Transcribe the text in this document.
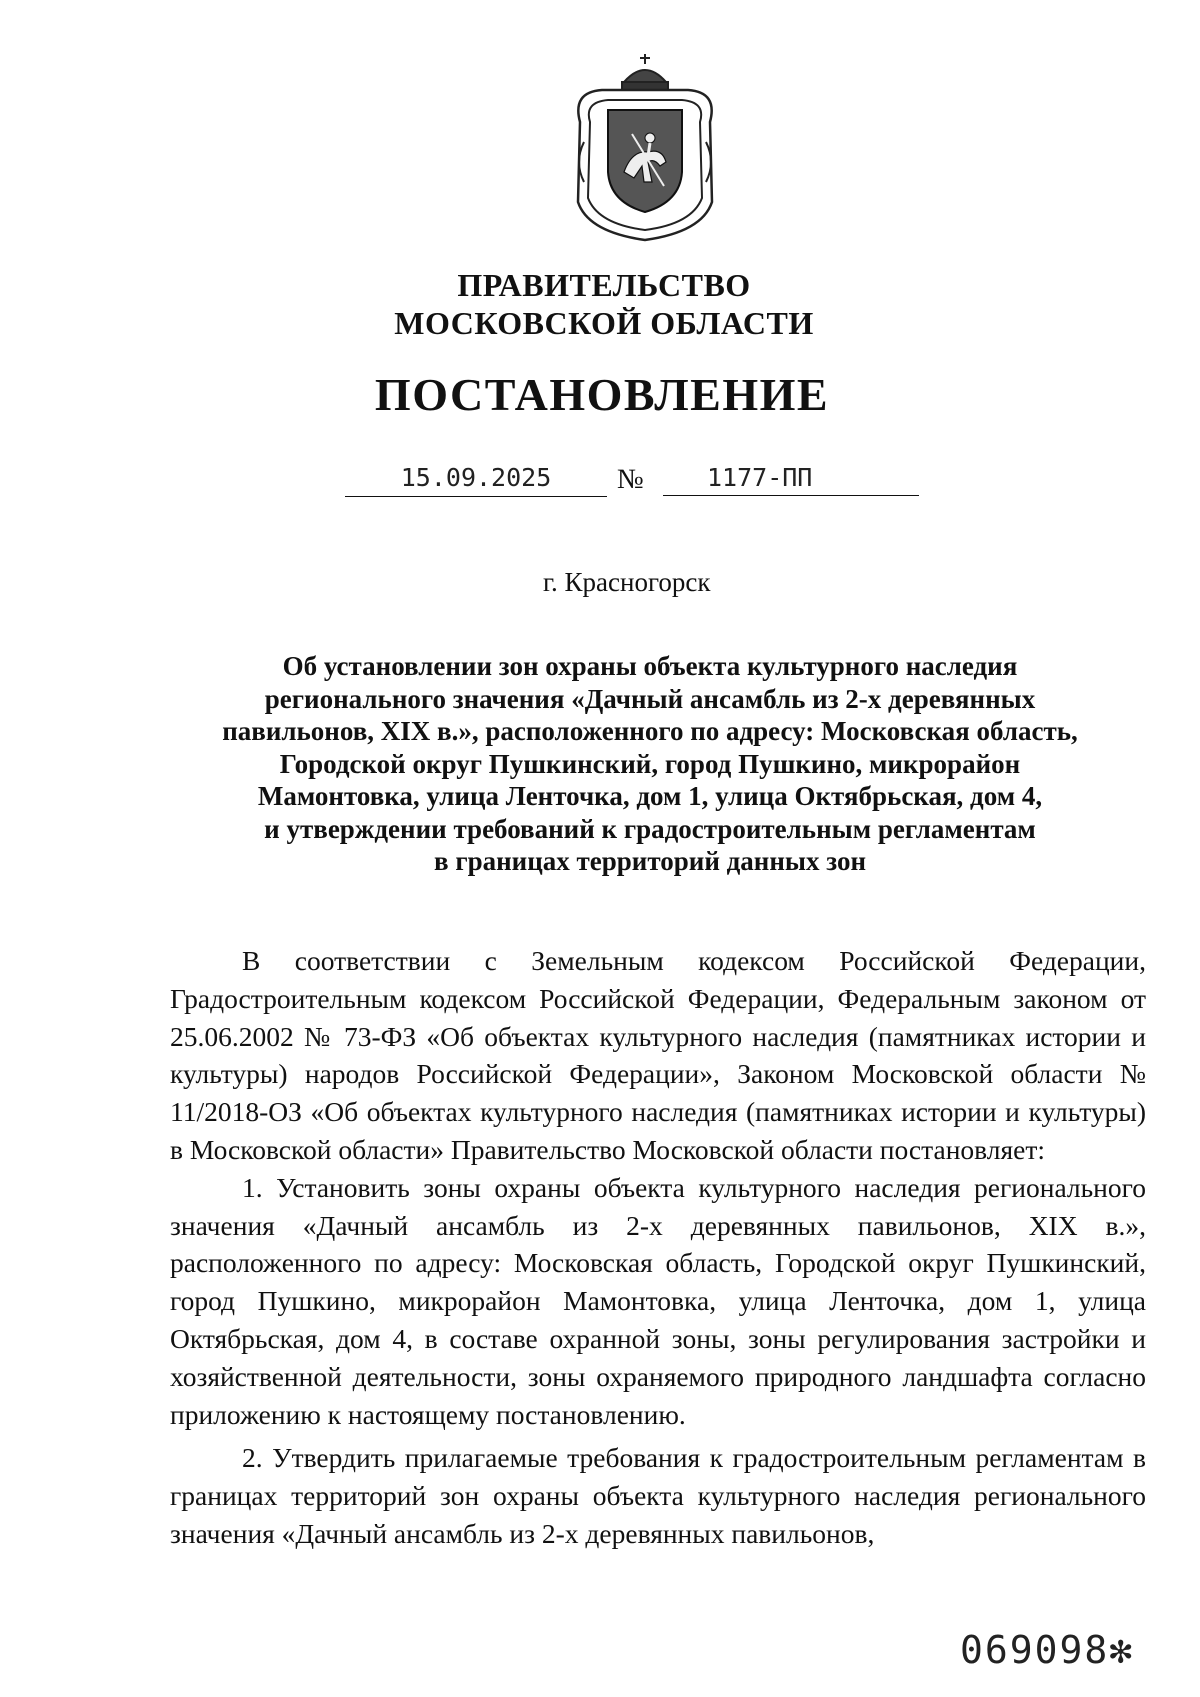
ПРАВИТЕЛЬСТВО
МОСКОВСКОЙ ОБЛАСТИ
ПОСТАНОВЛЕНИЕ
15.09.2025	№	1177-ПП
г. Красногорск
Об установлении зон охраны объекта культурного наследия
регионального значения «Дачный ансамбль из 2-х деревянных
павильонов, XIX в.», расположенного по адресу: Московская область,
Городской округ Пушкинский, город Пушкино, микрорайон
Мамонтовка, улица Ленточка, дом 1, улица Октябрьская, дом 4,
и утверждении требований к градостроительным регламентам
в границах территорий данных зон

В соответствии с Земельным кодексом Российской Федерации, Градостроительным кодексом Российской Федерации, Федеральным законом от 25.06.2002 № 73-ФЗ «Об объектах культурного наследия (памятниках истории и культуры) народов Российской Федерации», Законом Московской области № 11/2018-ОЗ «Об объектах культурного наследия (памятниках истории и культуры) в Московской области» Правительство Московской области постановляет:

1. Установить зоны охраны объекта культурного наследия регионального значения «Дачный ансамбль из 2-х деревянных павильонов, XIX в.», расположенного по адресу: Московская область, Городской округ Пушкинский, город Пушкино, микрорайон Мамонтовка, улица Ленточка, дом 1, улица Октябрьская, дом 4, в составе охранной зоны, зоны регулирования застройки и хозяйственной деятельности, зоны охраняемого природного ландшафта согласно приложению к настоящему постановлению.

2. Утвердить прилагаемые требования к градостроительным регламентам в границах территорий зон охраны объекта культурного наследия регионального значения «Дачный ансамбль из 2-х деревянных павильонов,

069098✻
